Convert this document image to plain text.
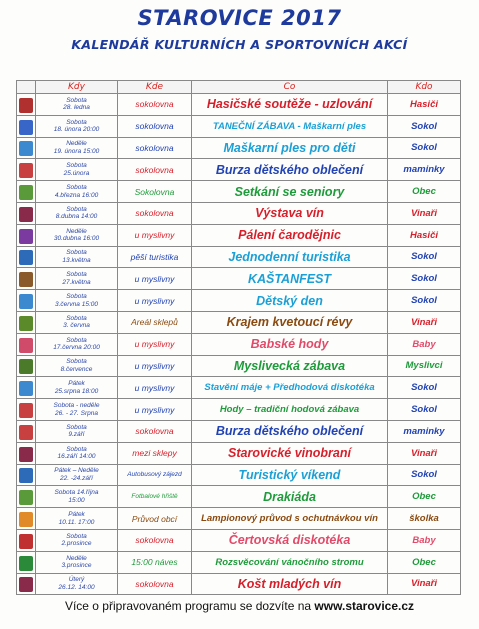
STAROVICE 2017
KALENDÁŘ KULTURNÍCH A SPORTOVNÍCH AKCÍ
	Kdy	Kde	Co	Kdo

	Sobota
28. ledna	sokolovna	Hasičské soutěže - uzlování	Hasiči

	Sobota
18. února 20:00	sokolovna	TANEČNÍ ZÁBAVA - Maškarní ples	Sokol

	Neděle
19. února 15:00	sokolovna	Maškarní ples pro děti	Sokol

	Sobota
25.února	sokolovna	Burza dětského oblečení	maminky

	Sobota
4.března 16:00	Sokolovna	Setkání se seniory	Obec

	Sobota
8.dubna 14:00	sokolovna	Výstava vín	Vinaři

	Neděle
30.dubna 16:00	u myslivny	Pálení čarodějnic	Hasiči

	Sobota
13.května	pěší turistika	Jednodenní turistika	Sokol

	Sobota
27.května	u myslivny	KAŠTANFEST	Sokol

	Sobota
3.června 15:00	u myslivny	Dětský den	Sokol

	Sobota
3. června	Areál sklepů	Krajem kvetoucí révy	Vinaři

	Sobota
17.června 20:00	u myslivny	Babské hody	Baby

	Sobota
8.července	u myslivny	Myslivecká zábava	Myslivci

	Pátek
25.srpna 18:00	u myslivny	Stavění máje + Předhodová diskotéka	Sokol

	Sobota - neděle
26. - 27. Srpna	u myslivny	Hody – tradiční hodová zábava	Sokol

	Sobota
9.září	sokolovna	Burza dětského oblečení	maminky

	Sobota
16.září 14:00	mezi sklepy	Starovické vinobraní	Vinaři

	Pátek – Neděle
22. -24.září	Autobusový zájezd	Turistický víkend	Sokol

	Sobota 14.října
15:00	Fotbalové hřiště	Drakiáda	Obec

	Pátek
10.11. 17:00	Průvod obcí	Lampionový průvod s ochutnávkou vín	školka

	Sobota
2.prosince	sokolovna	Čertovská diskotéka	Baby

	Neděle
3.prosince	15:00 náves	Rozsvěcování vánočního stromu	Obec

	Úterý
26.12. 14:00	sokolovna	Košt mladých vín	Vinaři
Více o připravovaném programu se dozvíte na www.starovice.cz
